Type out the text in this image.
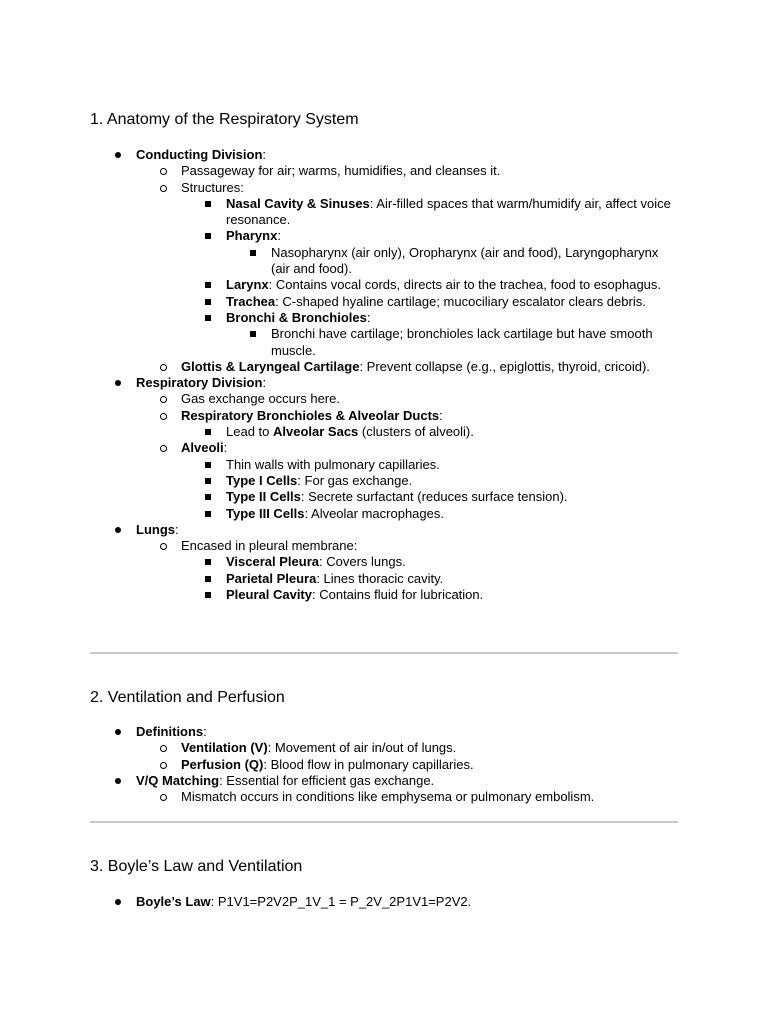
1. Anatomy of the Respiratory System
Conducting Division:
Passageway for air; warms, humidifies, and cleanses it.
Structures:
Nasal Cavity & Sinuses: Air-filled spaces that warm/humidify air, affect voice resonance.
Pharynx:
Nasopharynx (air only), Oropharynx (air and food), Laryngopharynx (air and food).
Larynx: Contains vocal cords, directs air to the trachea, food to esophagus.
Trachea: C-shaped hyaline cartilage; mucociliary escalator clears debris.
Bronchi & Bronchioles:
Bronchi have cartilage; bronchioles lack cartilage but have smooth muscle.
Glottis & Laryngeal Cartilage: Prevent collapse (e.g., epiglottis, thyroid, cricoid).
Respiratory Division:
Gas exchange occurs here.
Respiratory Bronchioles & Alveolar Ducts:
Lead to Alveolar Sacs (clusters of alveoli).
Alveoli:
Thin walls with pulmonary capillaries.
Type I Cells: For gas exchange.
Type II Cells: Secrete surfactant (reduces surface tension).
Type III Cells: Alveolar macrophages.
Lungs:
Encased in pleural membrane:
Visceral Pleura: Covers lungs.
Parietal Pleura: Lines thoracic cavity.
Pleural Cavity: Contains fluid for lubrication.
2. Ventilation and Perfusion
Definitions:
Ventilation (V): Movement of air in/out of lungs.
Perfusion (Q): Blood flow in pulmonary capillaries.
V/Q Matching: Essential for efficient gas exchange.
Mismatch occurs in conditions like emphysema or pulmonary embolism.
3. Boyle’s Law and Ventilation
Boyle’s Law: P1V1=P2V2P_1V_1 = P_2V_2P1V1=P2V2.
